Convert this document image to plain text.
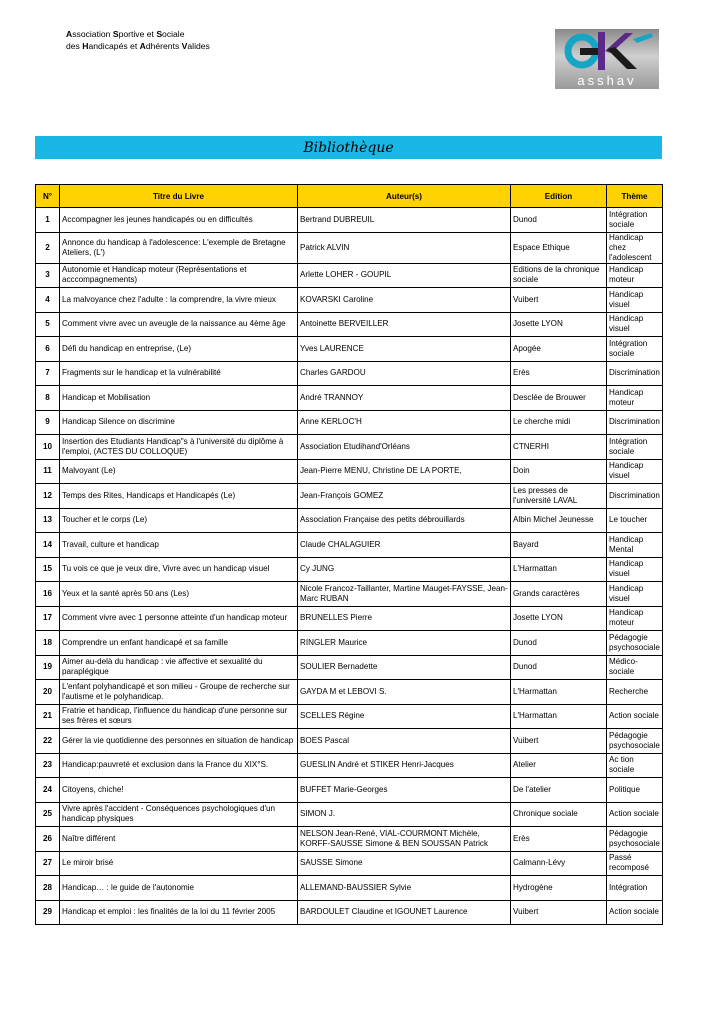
Association Sportive et Sociale
des Handicapés et Adhérents Valides
asshav
Bibliothèque
N°	Titre du Livre	Auteur(s)	Edition	Thème
1	Accompagner les jeunes handicapés ou en difficultés	Bertrand DUBREUIL	Dunod	Intégration sociale
2	Annonce du handicap à l'adolescence: L'exemple de Bretagne Ateliers, (L')	Patrick ALVIN	Espace Ethique	Handicap chez l'adolescent
3	Autonomie et Handicap moteur (Représentations et acccompagnements)	Arlette LOHER - GOUPIL	Editions de la chronique sociale	Handicap moteur
4	La malvoyance chez l'adulte : la comprendre, la vivre mieux	KOVARSKI Caroline	Vuibert	Handicap visuel
5	Comment vivre avec un aveugle de la naissance au 4ème âge	Antoinette BERVEILLER	Josette LYON	Handicap visuel
6	Défi du handicap en entreprise, (Le)	Yves LAURENCE	Apogée	Intégration sociale
7	Fragments sur le handicap et la vulnérabilité	Charles GARDOU	Erès	Discrimination
8	Handicap et Mobilisation	André TRANNOY	Desclée de Brouwer	Handicap moteur
9	Handicap Silence on discrimine	Anne KERLOC'H	Le cherche midi	Discrimination
10	Insertion des Etudiants Handicap"s à l'université du diplôme à l'emploi, (ACTES DU COLLOQUE)	Association Etudihand'Orléans	CTNERHI	Intégration sociale
11	Malvoyant (Le)	Jean-Pierre MENU, Christine DE LA PORTE,	Doin	Handicap visuel
12	Temps des Rites, Handicaps et Handicapés (Le)	Jean-François GOMEZ	Les presses de l'université LAVAL	Discrimination
13	Toucher et le corps (Le)	Association Française des petits débrouillards	Albin Michel Jeunesse	Le toucher
14	Travail, culture et handicap	Claude CHALAGUIER	Bayard	Handicap Mental
15	Tu vois ce que je veux dire, Vivre avec un handicap visuel	Cy JUNG	L'Harmattan	Handicap visuel
16	Yeux et la santé après 50 ans (Les)	Nicole Francoz-Taillanter, Martine Mauget-FAYSSE, Jean-Marc RUBAN	Grands caractères	Handicap visuel
17	Comment vivre avec 1 personne atteinte d'un handicap moteur	BRUNELLES Pierre	Josette LYON	Handicap moteur
18	Comprendre un enfant handicapé et sa famille	RINGLER Maurice	Dunod	Pédagogie psychosociale
19	Aimer au-delà du handicap : vie affective et sexualité du paraplégique	SOULIER Bernadette	Dunod	Médico-sociale
20	L'enfant polyhandicapé et son milieu - Groupe de recherche sur l'autisme et le polyhandicap.	GAYDA M et LEBOVI S.	L'Harmattan	Recherche
21	Fratrie et handicap, l'influence du handicap d'une personne sur ses frères et sœurs	SCELLES Régine	L'Harmattan	Action sociale
22	Gérer la vie quotidienne des personnes en situation de handicap	BOES Pascal	Vuibert	Pédagogie psychosociale
23	Handicap:pauvreté et exclusion dans la France du XIX°S.	GUESLIN André et STIKER Henri-Jacques	Atelier	Ac tion sociale
24	Citoyens, chiche!	BUFFET Marie-Georges	De l'atelier	Politique
25	Vivre après l'accident - Conséquences psychologiques d'un handicap physiques	SIMON J.	Chronique sociale	Action sociale
26	Naître différent	NELSON Jean-René, VIAL-COURMONT Michèle, KORFF-SAUSSE Simone & BEN SOUSSAN Patrick	Erès	Pédagogie psychosociale
27	Le miroir brisé	SAUSSE Simone	Calmann-Lévy	Passé recomposé
28	Handicap… : le guide de l'autonomie	ALLEMAND-BAUSSIER Sylvie	Hydrogène	Intégration
29	Handicap et emploi : les finalités de la loi du 11 février 2005	BARDOULET Claudine et IGOUNET Laurence	Vuibert	Action sociale
